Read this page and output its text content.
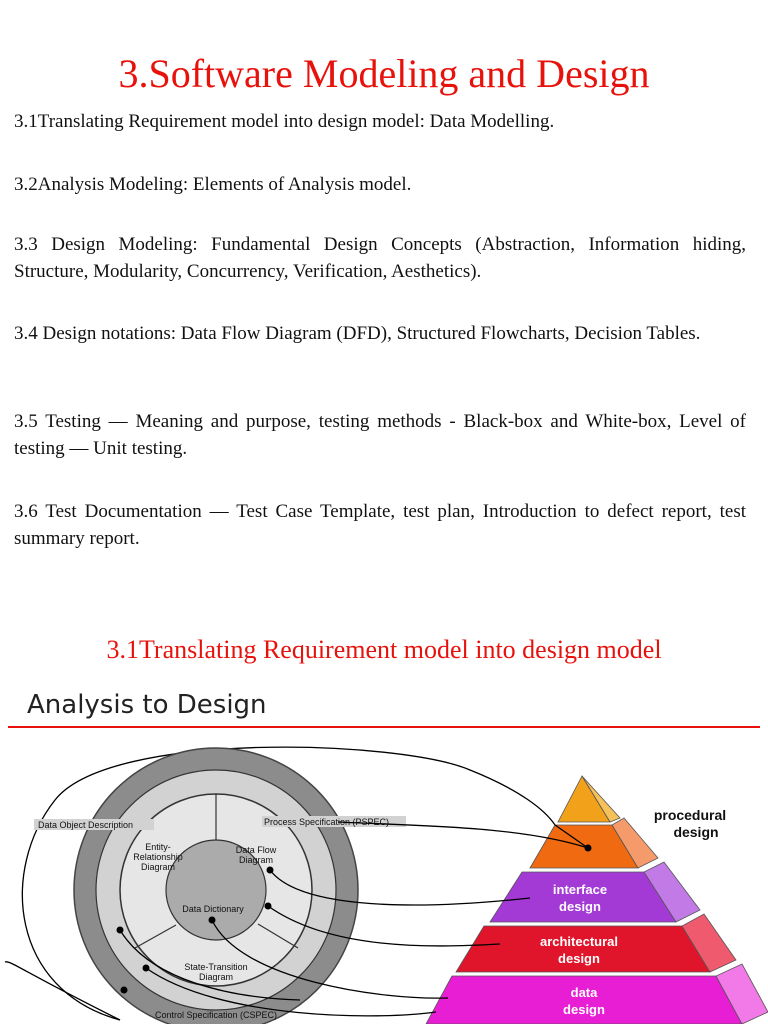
3.Software Modeling and Design

3.1Translating Requirement model into design model: Data Modelling.

3.2Analysis Modeling: Elements of Analysis model.

3.3 Design Modeling: Fundamental Design Concepts (Abstraction, Information hiding, Structure, Modularity, Concurrency, Verification, Aesthetics).

3.4 Design notations: Data Flow Diagram (DFD), Structured Flowcharts, Decision Tables.

3.5 Testing — Meaning and purpose, testing methods - Black-box and White-box, Level of testing — Unit testing.

3.6 Test Documentation — Test Case Template, test plan, Introduction to defect report, test summary report.

3.1Translating Requirement model into design model
Analysis to Design
Data Object Description	Process Specification (PSPEC)
Entity-
Relationship
Diagram
Data Flow
Diagram
Data Dictionary
State-Transition
Diagram
Control Specification (CSPEC)
procedural
design
interface
design
architectural
design
data
design
